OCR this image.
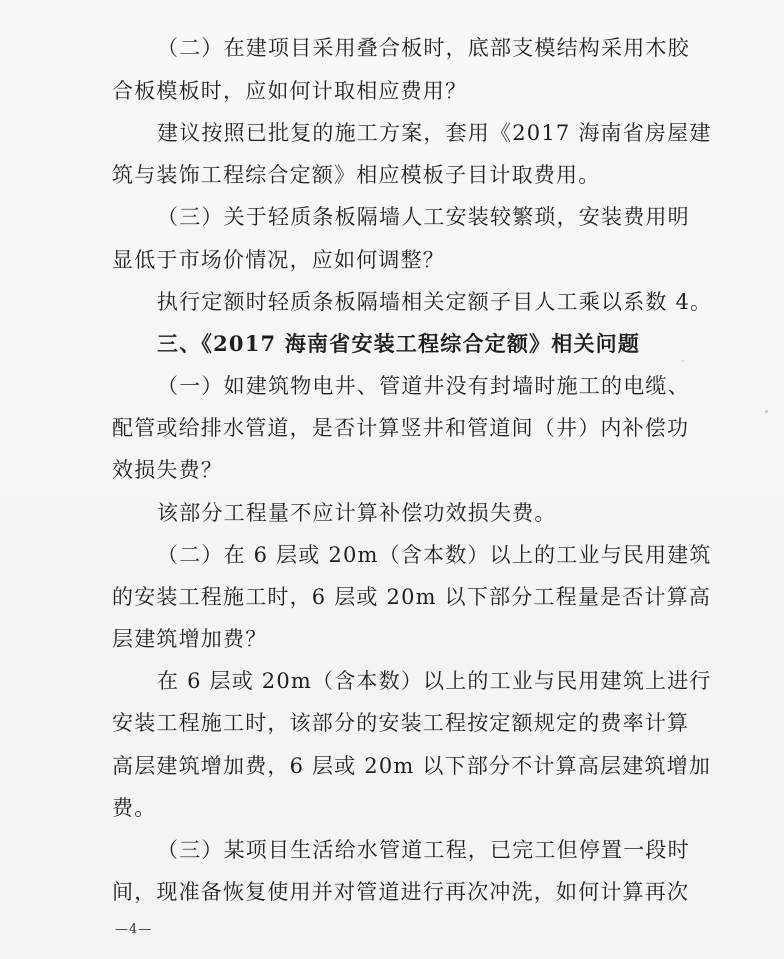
（二）在建项目采用叠合板时，底部支模结构采用木胶
合板模板时，应如何计取相应费用？
建议按照已批复的施工方案，套用《2017 海南省房屋建
筑与装饰工程综合定额》相应模板子目计取费用。
（三）关于轻质条板隔墙人工安装较繁琐，安装费用明
显低于市场价情况，应如何调整？
执行定额时轻质条板隔墙相关定额子目人工乘以系数 4。
三、《2017 海南省安装工程综合定额》相关问题
（一）如建筑物电井、管道井没有封墙时施工的电缆、
配管或给排水管道，是否计算竖井和管道间（井）内补偿功
效损失费？
该部分工程量不应计算补偿功效损失费。
（二）在 6 层或 20m（含本数）以上的工业与民用建筑
的安装工程施工时，6 层或 20m 以下部分工程量是否计算高
层建筑增加费？
在 6 层或 20m（含本数）以上的工业与民用建筑上进行
安装工程施工时，该部分的安装工程按定额规定的费率计算
高层建筑增加费，6 层或 20m 以下部分不计算高层建筑增加
费。
（三）某项目生活给水管道工程，已完工但停置一段时
间，现准备恢复使用并对管道进行再次冲洗，如何计算再次
—4—
